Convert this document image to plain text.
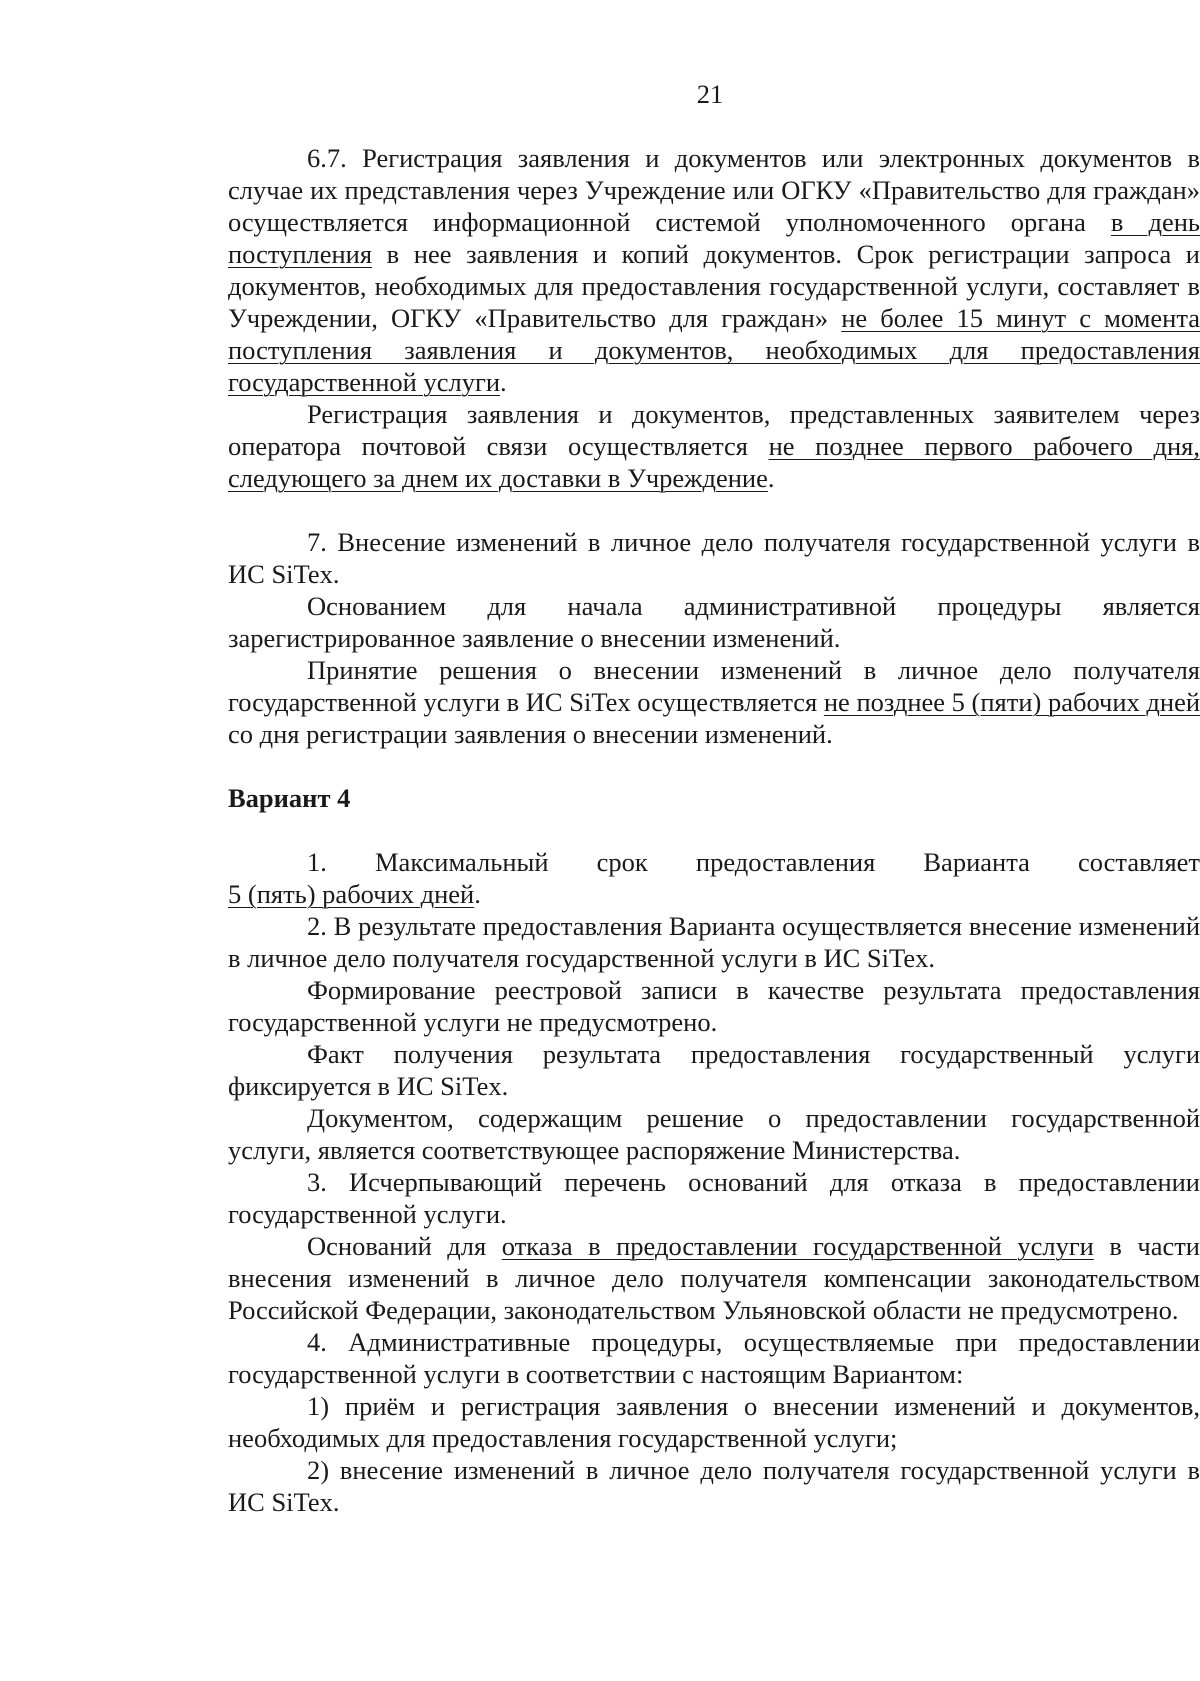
21

6.7. Регистрация заявления и документов или электронных документов в случае их представления через Учреждение или ОГКУ «Правительство для граждан» осуществляется информационной системой уполномоченного органа в день поступления в нее заявления и копий документов. Срок регистрации запроса и документов, необходимых для предоставления государственной услуги, составляет в Учреждении, ОГКУ «Правительство для граждан» не более 15 минут с момента поступления заявления и документов, необходимых для предоставления государственной услуги.

Регистрация заявления и документов, представленных заявителем через оператора почтовой связи осуществляется не позднее первого рабочего дня, следующего за днем их доставки в Учреждение.

7. Внесение изменений в личное дело получателя государственной услуги в ИС SiTex.

Основанием для начала административной процедуры является

зарегистрированное заявление о внесении изменений.

Принятие решения о внесении изменений в личное дело получателя государственной услуги в ИС SiTex осуществляется не позднее 5 (пяти) рабочих дней со дня регистрации заявления о внесении изменений.

Вариант 4

1. Максимальный срок предоставления Варианта составляет

5 (пять) рабочих дней.

2. В результате предоставления Варианта осуществляется внесение изменений в личное дело получателя государственной услуги в ИС SiTex.

Формирование реестровой записи в качестве результата предоставления государственной услуги не предусмотрено.

Факт получения результата предоставления государственный услуги фиксируется в ИС SiTex.

Документом, содержащим решение о предоставлении государственной услуги, является соответствующее распоряжение Министерства.

3. Исчерпывающий перечень оснований для отказа в предоставлении государственной услуги.

Оснований для отказа в предоставлении государственной услуги в части внесения изменений в личное дело получателя компенсации законодательством Российской Федерации, законодательством Ульяновской области не предусмотрено.

4. Административные процедуры, осуществляемые при предоставлении государственной услуги в соответствии с настоящим Вариантом:

1) приём и регистрация заявления о внесении изменений и документов, необходимых для предоставления государственной услуги;

2) внесение изменений в личное дело получателя государственной услуги в ИС SiTex.
